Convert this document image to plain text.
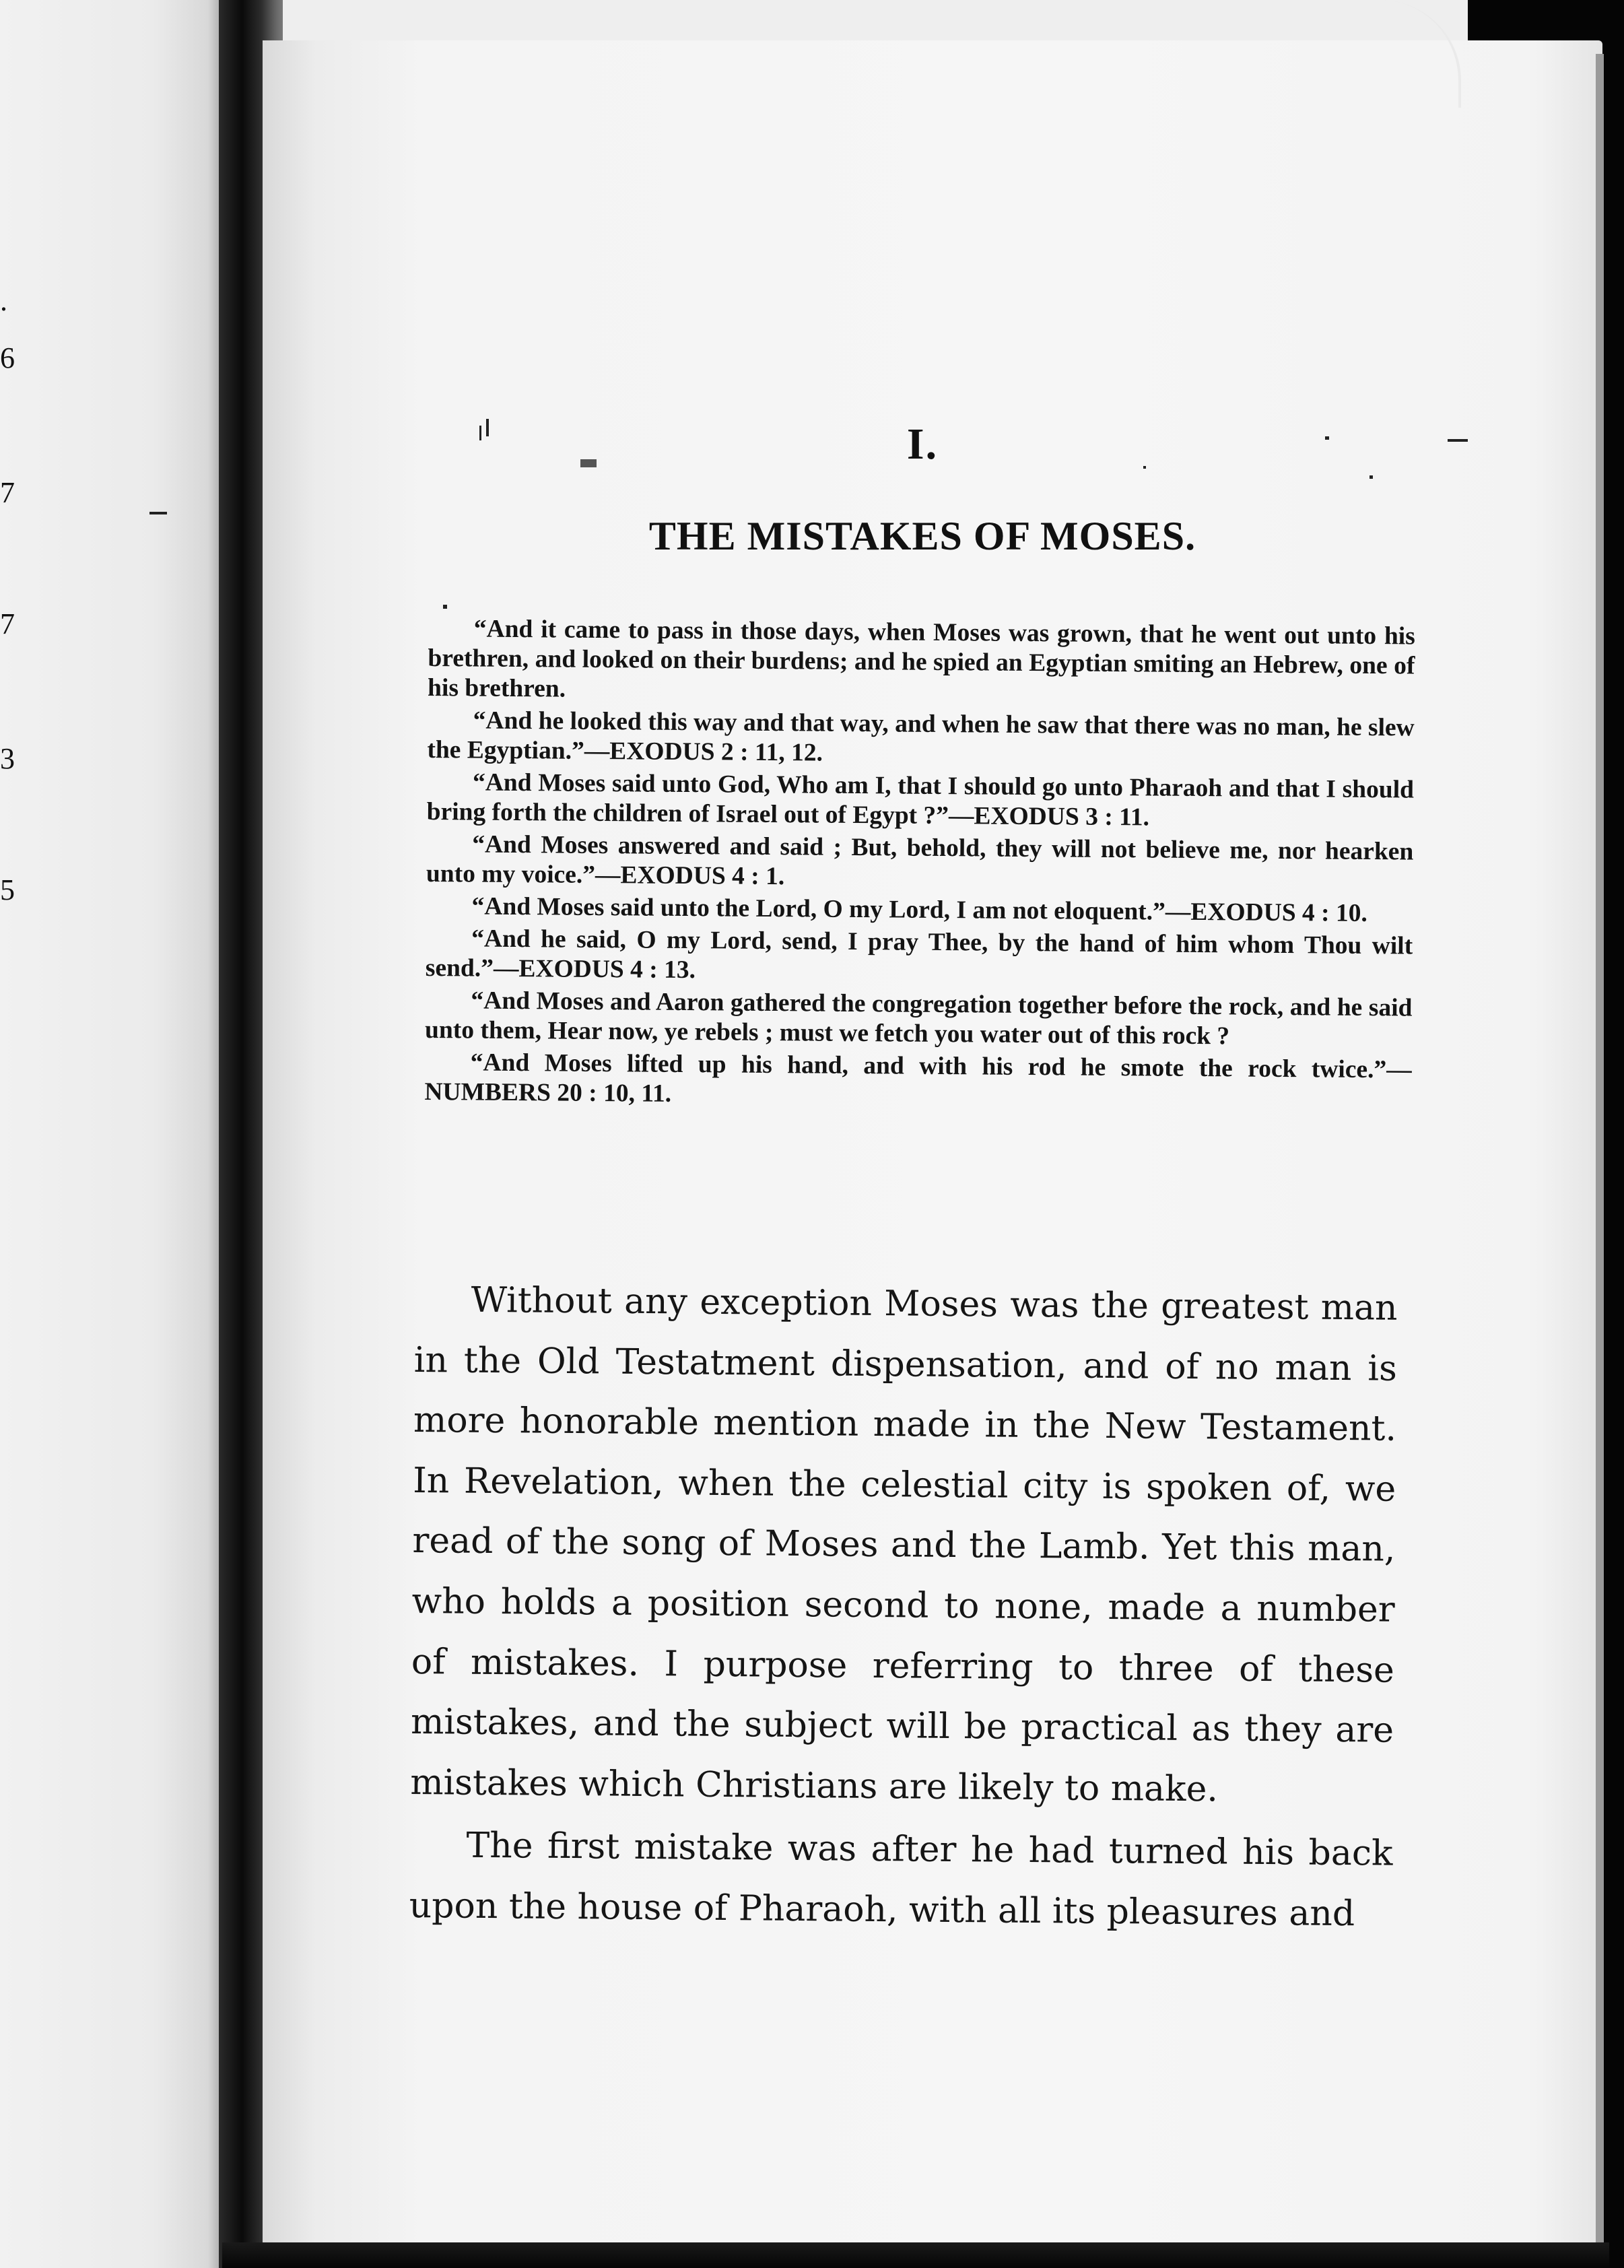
.
6
7
7
3
5
I.
THE MISTAKES OF MOSES.

“And it came to pass in those days, when Moses was grown, that he went out unto his brethren, and looked on their burdens; and he spied an Egyptian smiting an Hebrew, one of his brethren.

“And he looked this way and that way, and when he saw that there was no man, he slew the Egyptian.”—EXODUS 2 : 11, 12.

“And Moses said unto God, Who am I, that I should go unto Pharaoh and that I should bring forth the children of Israel out of Egypt ?”—EXODUS 3 : 11.

“And Moses answered and said ; But, behold, they will not believe me, nor hearken unto my voice.”—EXODUS 4 : 1.

“And Moses said unto the Lord, O my Lord, I am not eloquent.”—EXODUS 4 : 10.

“And he said, O my Lord, send, I pray Thee, by the hand of him whom Thou wilt send.”—EXODUS 4 : 13.

“And Moses and Aaron gathered the congregation together before the rock, and he said unto them, Hear now, ye rebels ; must we fetch you water out of this rock ?

“And Moses lifted up his hand, and with his rod he smote the rock twice.”—NUMBERS 20 : 10, 11.

Without any exception Moses was the greatest man in the Old Testatment dispensation, and of no man is more honorable mention made in the New Testament. In Revelation, when the celestial city is spoken of, we read of the song of Moses and the Lamb. Yet this man, who holds a position second to none, made a number of mistakes. I purpose referring to three of these mistakes, and the subject will be practical as they are mistakes which Christians are likely to make.

The first mistake was after he had turned his back upon the house of Pharaoh, with all its pleasures and
